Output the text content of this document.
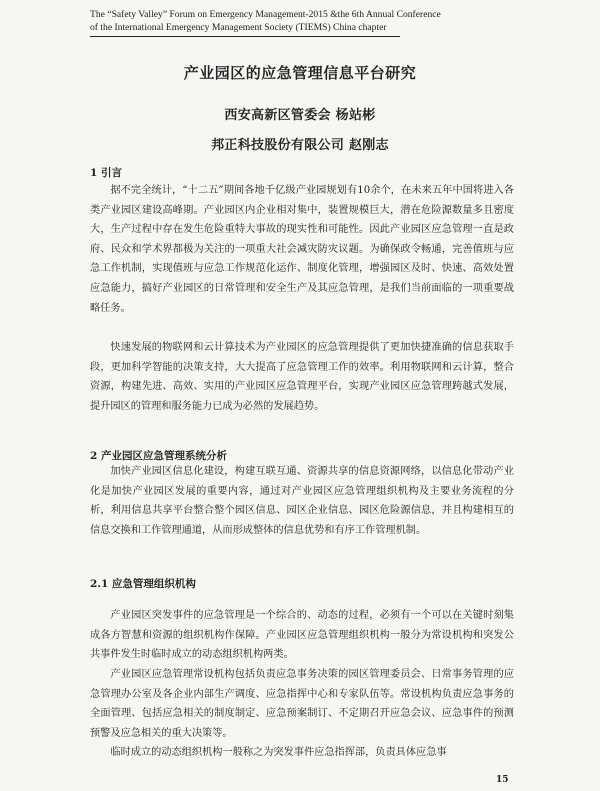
The “Safety Valley” Forum on Emergency Management-2015 &the 6th Annual Conference
of the International Emergency Management Society (TIEMS) China chapter
产业园区的应急管理信息平台研究
西安高新区管委会 杨站彬
邦正科技股份有限公司 赵刚志
1 引言

据不完全统计，“十二五”期间各地千亿级产业园规划有10余个，在未来五年中国将进入各类产业园区建设高峰期。产业园区内企业相对集中，装置规模巨大，潜在危险源数量多且密度大，生产过程中存在发生危险重特大事故的现实性和可能性。因此产业园区应急管理一直是政府、民众和学术界都极为关注的一项重大社会减灾防灾议题。为确保政令畅通，完善值班与应急工作机制，实现值班与应急工作规范化运作、制度化管理，增强园区及时、快速、高效处置应急能力，搞好产业园区的日常管理和安全生产及其应急管理，是我们当前面临的一项重要战略任务。

快速发展的物联网和云计算技术为产业园区的应急管理提供了更加快捷准确的信息获取手段，更加科学智能的决策支持，大大提高了应急管理工作的效率。利用物联网和云计算，整合资源，构建先进、高效、实用的产业园区应急管理平台，实现产业园区应急管理跨越式发展，提升园区的管理和服务能力已成为必然的发展趋势。

2 产业园区应急管理系统分析

加快产业园区信息化建设，构建互联互通、资源共享的信息资源网络，以信息化带动产业化是加快产业园区发展的重要内容，通过对产业园区应急管理组织机构及主要业务流程的分析，利用信息共享平台整合整个园区信息、园区企业信息、园区危险源信息，并且构建相互的信息交换和工作管理通道，从而形成整体的信息优势和有序工作管理机制。

2.1 应急管理组织机构

产业园区突发事件的应急管理是一个综合的、动态的过程，必须有一个可以在关键时刻集成各方智慧和资源的组织机构作保障。产业园区应急管理组织机构一般分为常设机构和突发公共事件发生时临时成立的动态组织机构两类。

产业园区应急管理常设机构包括负责应急事务决策的园区管理委员会、日常事务管理的应急管理办公室及各企业内部生产调度、应急指挥中心和专家队伍等。常设机构负责应急事务的全面管理、包括应急相关的制度制定、应急预案制订、不定期召开应急会议、应急事件的预测预警及应急相关的重大决策等。

临时成立的动态组织机构一般称之为突发事件应急指挥部，负责具体应急事

15
